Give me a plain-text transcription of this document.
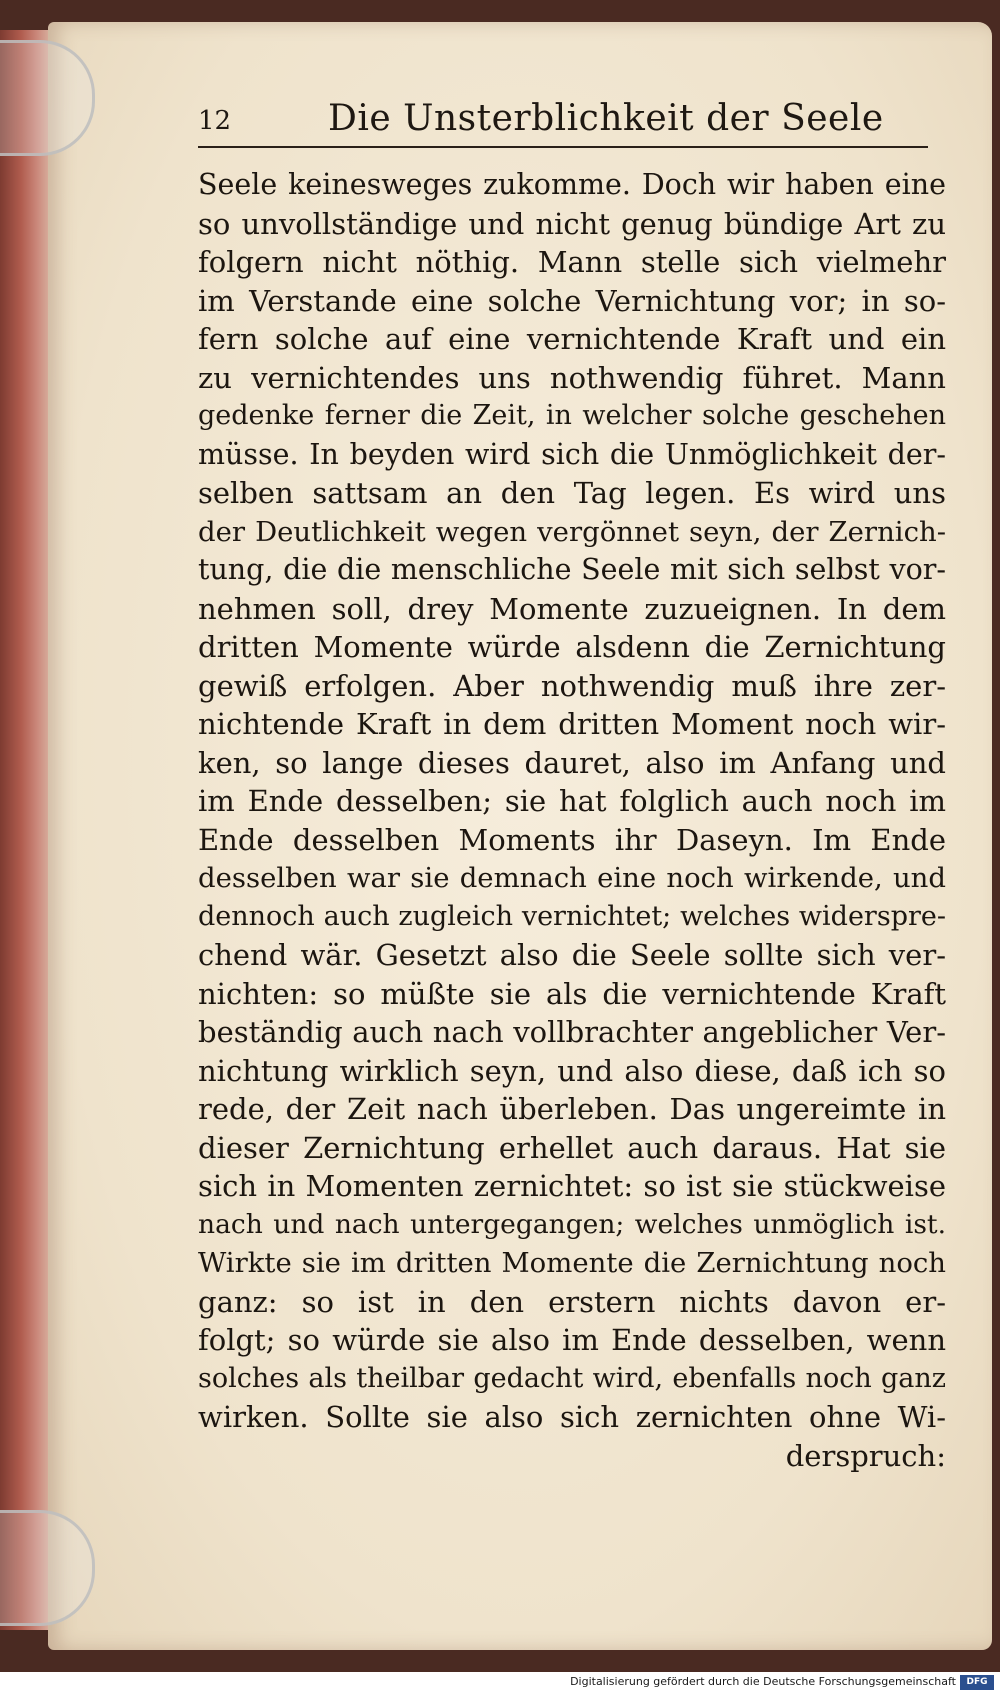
12	Die Unsterblichkeit der Seele
Seele keinesweges zukomme. Doch wir haben eine
so unvollständige und nicht genug bündige Art zu
folgern nicht nöthig. Mann stelle sich vielmehr
im Verstande eine solche Vernichtung vor; in so-
fern solche auf eine vernichtende Kraft und ein
zu vernichtendes uns nothwendig führet. Mann
gedenke ferner die Zeit, in welcher solche geschehen
müsse. In beyden wird sich die Unmöglichkeit der-
selben sattsam an den Tag legen. Es wird uns
der Deutlichkeit wegen vergönnet seyn, der Zernich-
tung, die die menschliche Seele mit sich selbst vor-
nehmen soll, drey Momente zuzueignen. In dem
dritten Momente würde alsdenn die Zernichtung
gewiß erfolgen. Aber nothwendig muß ihre zer-
nichtende Kraft in dem dritten Moment noch wir-
ken, so lange dieses dauret, also im Anfang und
im Ende desselben; sie hat folglich auch noch im
Ende desselben Moments ihr Daseyn. Im Ende
desselben war sie demnach eine noch wirkende, und
dennoch auch zugleich vernichtet; welches widerspre-
chend wär. Gesetzt also die Seele sollte sich ver-
nichten: so müßte sie als die vernichtende Kraft
beständig auch nach vollbrachter angeblicher Ver-
nichtung wirklich seyn, und also diese, daß ich so
rede, der Zeit nach überleben. Das ungereimte in
dieser Zernichtung erhellet auch daraus. Hat sie
sich in Momenten zernichtet: so ist sie stückweise
nach und nach untergegangen; welches unmöglich ist.
Wirkte sie im dritten Momente die Zernichtung noch
ganz: so ist in den erstern nichts davon er-
folgt; so würde sie also im Ende desselben, wenn
solches als theilbar gedacht wird, ebenfalls noch ganz
wirken. Sollte sie also sich zernichten ohne Wi-
derspruch:
Digitalisierung gefördert durch die Deutsche Forschungsgemeinschaft	DFG
